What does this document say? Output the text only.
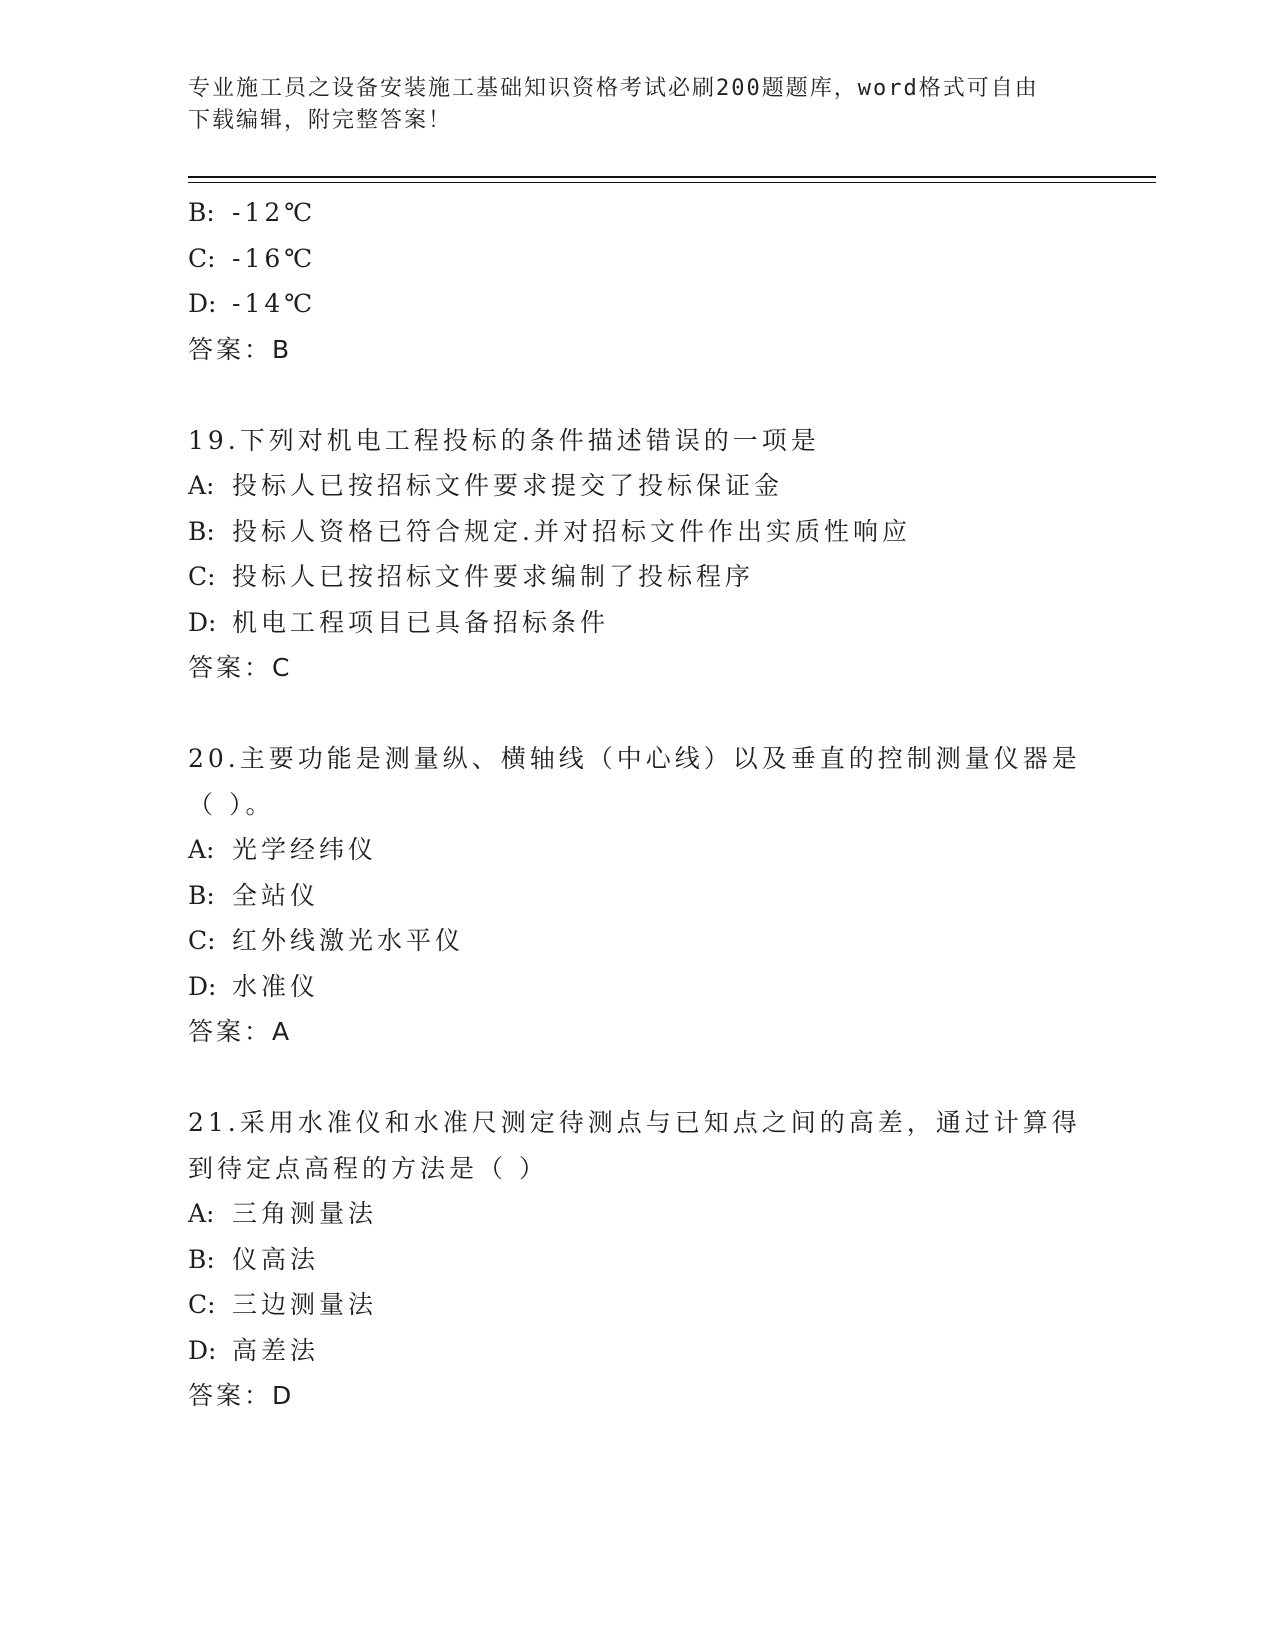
专业施工员之设备安装施工基础知识资格考试必刷200题题库，word格式可自由
下载编辑，附完整答案！
B: -12℃
C: -16℃
D: -14℃
答案：B
19.下列对机电工程投标的条件描述错误的一项是
A: 投标人已按招标文件要求提交了投标保证金
B: 投标人资格已符合规定.并对招标文件作出实质性响应
C: 投标人已按招标文件要求编制了投标程序
D: 机电工程项目已具备招标条件
答案：C
20.主要功能是测量纵、横轴线（中心线）以及垂直的控制测量仪器是
（ ）。
A: 光学经纬仪
B: 全站仪
C: 红外线激光水平仪
D: 水准仪
答案：A
21.采用水准仪和水准尺测定待测点与已知点之间的高差，通过计算得
到待定点高程的方法是（ ）
A: 三角测量法
B: 仪高法
C: 三边测量法
D: 高差法
答案：D
